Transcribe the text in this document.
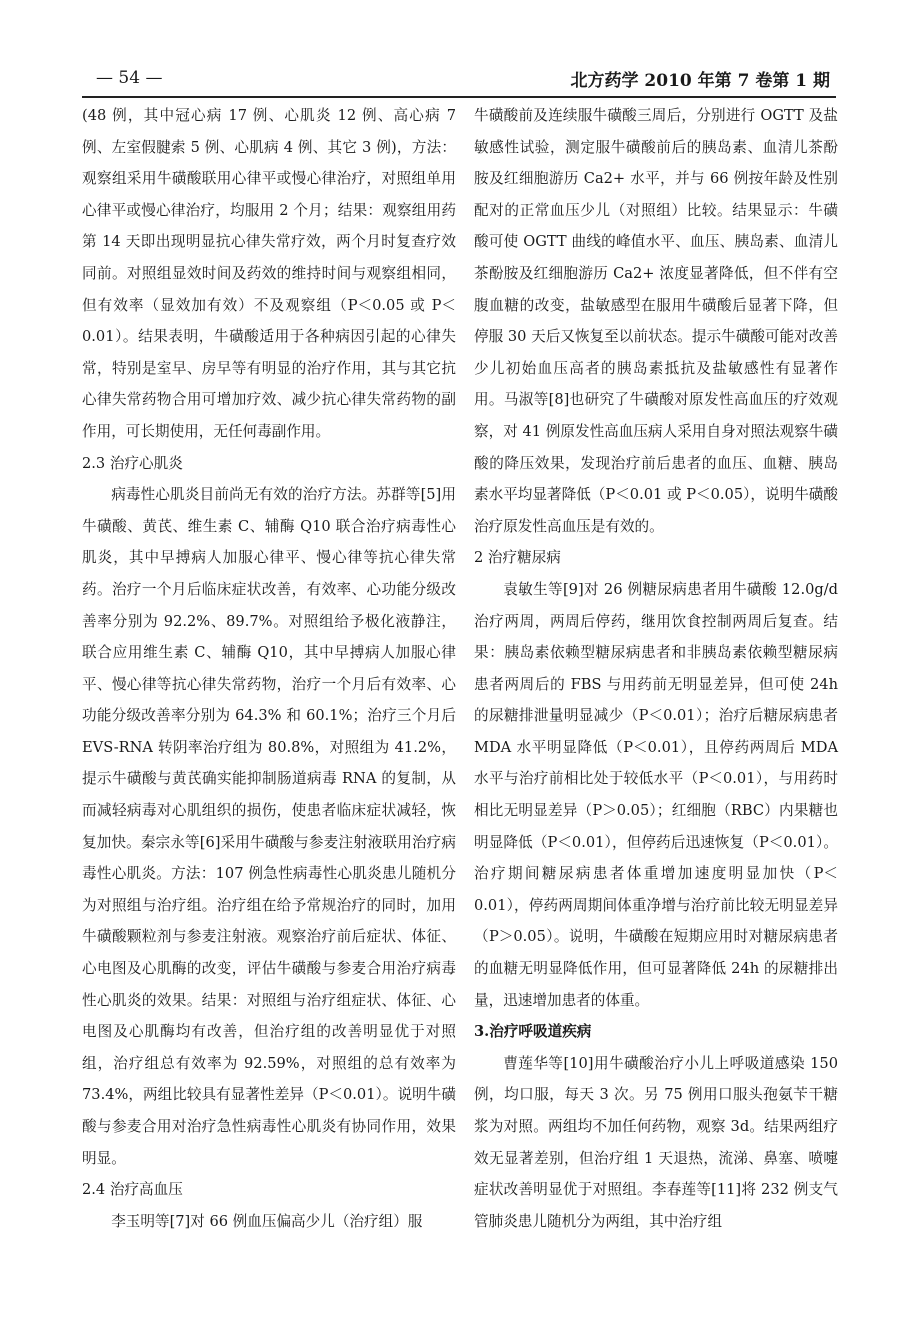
— 54 —	北方药学 2010 年第 7 卷第 1 期

(48 例，其中冠心病 17 例、心肌炎 12 例、高心病 7 例、左室假腱索 5 例、心肌病 4 例、其它 3 例)，方法：观察组采用牛磺酸联用心律平或慢心律治疗，对照组单用心律平或慢心律治疗，均服用 2 个月；结果：观察组用药第 14 天即出现明显抗心律失常疗效，两个月时复查疗效同前。对照组显效时间及药效的维持时间与观察组相同，但有效率（显效加有效）不及观察组（P＜0.05 或 P＜0.01）。结果表明，牛磺酸适用于各种病因引起的心律失常，特别是室早、房早等有明显的治疗作用，其与其它抗心律失常药物合用可增加疗效、减少抗心律失常药物的副作用，可长期使用，无任何毒副作用。

2.3 治疗心肌炎

病毒性心肌炎目前尚无有效的治疗方法。苏群等[5]用牛磺酸、黄芪、维生素 C、辅酶 Q10 联合治疗病毒性心肌炎，其中早搏病人加服心律平、慢心律等抗心律失常药。治疗一个月后临床症状改善，有效率、心功能分级改善率分别为 92.2%、89.7%。对照组给予极化液静注，联合应用维生素 C、辅酶 Q10，其中早搏病人加服心律平、慢心律等抗心律失常药物，治疗一个月后有效率、心功能分级改善率分别为 64.3% 和 60.1%；治疗三个月后 EVS-RNA 转阴率治疗组为 80.8%，对照组为 41.2%，提示牛磺酸与黄芪确实能抑制肠道病毒 RNA 的复制，从而减轻病毒对心肌组织的损伤，使患者临床症状减轻，恢复加快。秦宗永等[6]采用牛磺酸与参麦注射液联用治疗病毒性心肌炎。方法：107 例急性病毒性心肌炎患儿随机分为对照组与治疗组。治疗组在给予常规治疗的同时，加用牛磺酸颗粒剂与参麦注射液。观察治疗前后症状、体征、心电图及心肌酶的改变，评估牛磺酸与参麦合用治疗病毒性心肌炎的效果。结果：对照组与治疗组症状、体征、心电图及心肌酶均有改善，但治疗组的改善明显优于对照组，治疗组总有效率为 92.59%，对照组的总有效率为 73.4%，两组比较具有显著性差异（P＜0.01）。说明牛磺酸与参麦合用对治疗急性病毒性心肌炎有协同作用，效果明显。

2.4 治疗高血压

李玉明等[7]对 66 例血压偏高少儿（治疗组）服

牛磺酸前及连续服牛磺酸三周后，分别进行 OGTT 及盐敏感性试验，测定服牛磺酸前后的胰岛素、血清儿茶酚胺及红细胞游历 Ca2+ 水平，并与 66 例按年龄及性别配对的正常血压少儿（对照组）比较。结果显示：牛磺酸可使 OGTT 曲线的峰值水平、血压、胰岛素、血清儿茶酚胺及红细胞游历 Ca2+ 浓度显著降低，但不伴有空腹血糖的改变，盐敏感型在服用牛磺酸后显著下降，但停服 30 天后又恢复至以前状态。提示牛磺酸可能对改善少儿初始血压高者的胰岛素抵抗及盐敏感性有显著作用。马淑等[8]也研究了牛磺酸对原发性高血压的疗效观察，对 41 例原发性高血压病人采用自身对照法观察牛磺酸的降压效果，发现治疗前后患者的血压、血糖、胰岛素水平均显著降低（P＜0.01 或 P＜0.05），说明牛磺酸治疗原发性高血压是有效的。

2 治疗糖尿病

袁敏生等[9]对 26 例糖尿病患者用牛磺酸 12.0g/d 治疗两周，两周后停药，继用饮食控制两周后复查。结果：胰岛素依赖型糖尿病患者和非胰岛素依赖型糖尿病患者两周后的 FBS 与用药前无明显差异，但可使 24h 的尿糖排泄量明显减少（P＜0.01）；治疗后糖尿病患者 MDA 水平明显降低（P＜0.01），且停药两周后 MDA 水平与治疗前相比处于较低水平（P＜0.01），与用药时相比无明显差异（P＞0.05）；红细胞（RBC）内果糖也明显降低（P＜0.01），但停药后迅速恢复（P＜0.01）。治疗期间糖尿病患者体重增加速度明显加快（P＜0.01），停药两周期间体重净增与治疗前比较无明显差异（P＞0.05）。说明，牛磺酸在短期应用时对糖尿病患者的血糖无明显降低作用，但可显著降低 24h 的尿糖排出量，迅速增加患者的体重。

3.治疗呼吸道疾病

曹莲华等[10]用牛磺酸治疗小儿上呼吸道感染 150 例，均口服，每天 3 次。另 75 例用口服头孢氨苄干糖浆为对照。两组均不加任何药物，观察 3d。结果两组疗效无显著差别，但治疗组 1 天退热，流涕、鼻塞、喷嚏症状改善明显优于对照组。李春莲等[11]将 232 例支气管肺炎患儿随机分为两组，其中治疗组
